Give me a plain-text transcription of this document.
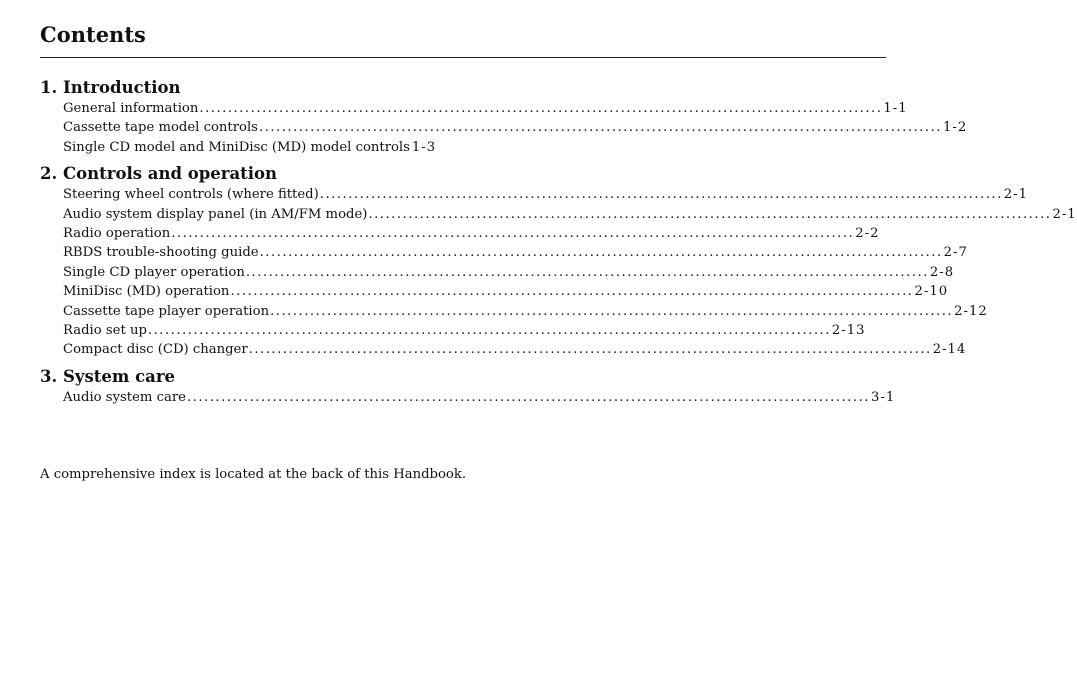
Contents
1. Introduction
General information ........................................................................................................................ 1-1
Cassette tape model controls ........................................................................................................................ 1-2
Single CD model and MiniDisc (MD) model controls 1-3
2. Controls and operation
Steering wheel controls (where fitted) ........................................................................................................................ 2-1
Audio system display panel (in AM/FM mode) ........................................................................................................................ 2-1
Radio operation ........................................................................................................................ 2-2
RBDS trouble-shooting guide ........................................................................................................................ 2-7
Single CD player operation ........................................................................................................................ 2-8
MiniDisc (MD) operation ........................................................................................................................ 2-10
Cassette tape player operation ........................................................................................................................ 2-12
Radio set up ........................................................................................................................ 2-13
Compact disc (CD) changer ........................................................................................................................ 2-14
3. System care
Audio system care ........................................................................................................................ 3-1

A comprehensive index is located at the back of this Handbook.
